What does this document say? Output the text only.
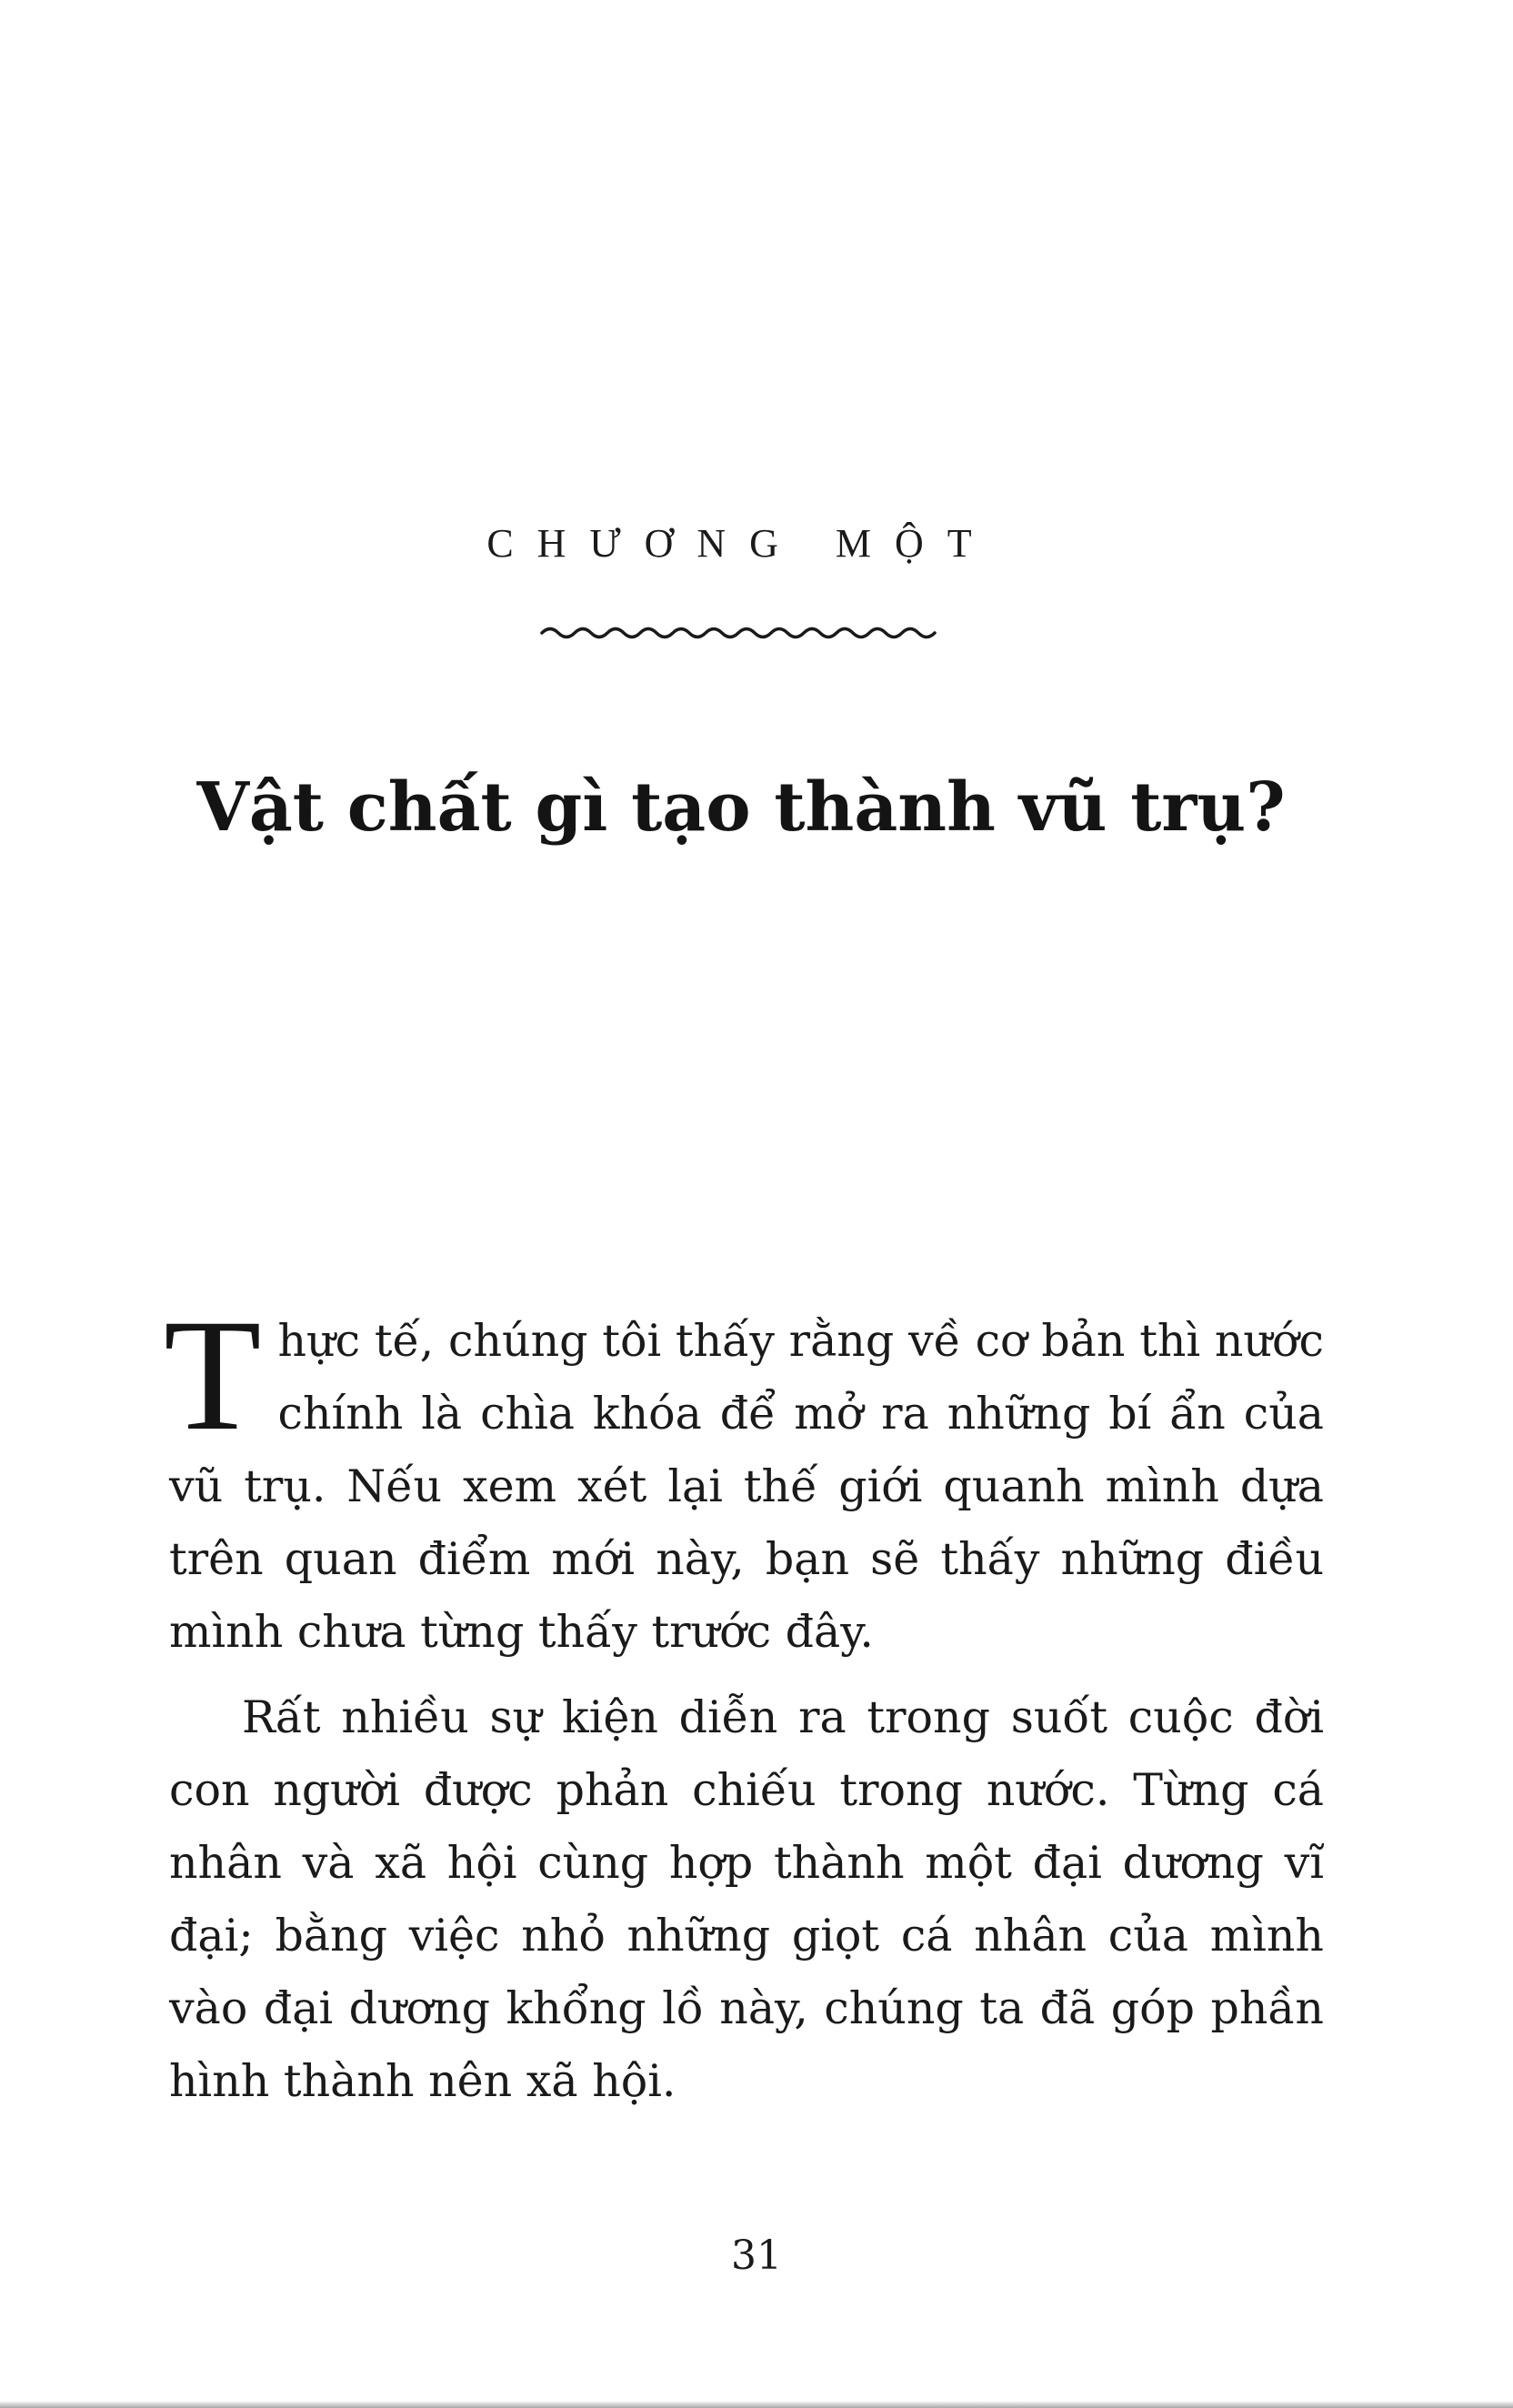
CHƯƠNG MỘT
Vật chất gì tạo thành vũ trụ?

Thực tế, chúng tôi thấy rằng về cơ bản thì nước chính là chìa khóa để mở ra những bí ẩn của vũ trụ. Nếu xem xét lại thế giới quanh mình dựa trên quan điểm mới này, bạn sẽ thấy những điều mình chưa từng thấy trước đây.

Rất nhiều sự kiện diễn ra trong suốt cuộc đời con người được phản chiếu trong nước. Từng cá nhân và xã hội cùng hợp thành một đại dương vĩ đại; bằng việc nhỏ những giọt cá nhân của mình vào đại dương khổng lồ này, chúng ta đã góp phần hình thành nên xã hội.

31
